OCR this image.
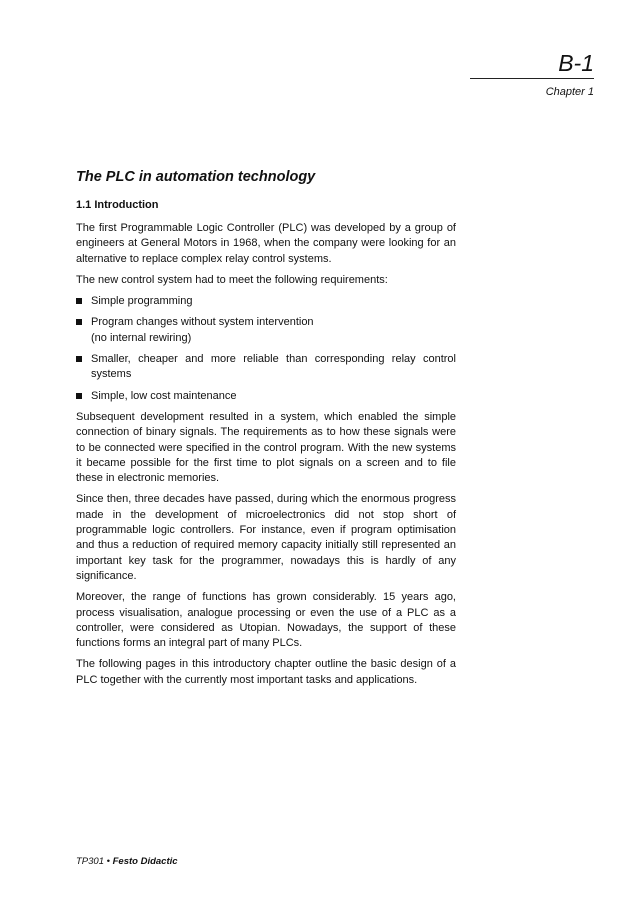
B-1
Chapter 1
The PLC in automation technology
1.1 Introduction

The first Programmable Logic Controller (PLC) was developed by a group of engineers at General Motors in 1968, when the company were looking for an alternative to replace complex relay control systems.

The new control system had to meet the following requirements:

Simple programming
Program changes without system intervention
(no internal rewiring)
Smaller, cheaper and more reliable than corresponding relay control systems
Simple, low cost maintenance

Subsequent development resulted in a system, which enabled the simple connection of binary signals. The requirements as to how these signals were to be connected were specified in the control program. With the new systems it became possible for the first time to plot signals on a screen and to file these in electronic memories.

Since then, three decades have passed, during which the enormous progress made in the development of microelectronics did not stop short of programmable logic controllers. For instance, even if program optimisation and thus a reduction of required memory capacity initially still represented an important key task for the programmer, nowadays this is hardly of any significance.

Moreover, the range of functions has grown considerably. 15 years ago, process visualisation, analogue processing or even the use of a PLC as a controller, were considered as Utopian. Nowadays, the support of these functions forms an integral part of many PLCs.

The following pages in this introductory chapter outline the basic design of a PLC together with the currently most important tasks and applications.

TP301 • Festo Didactic
